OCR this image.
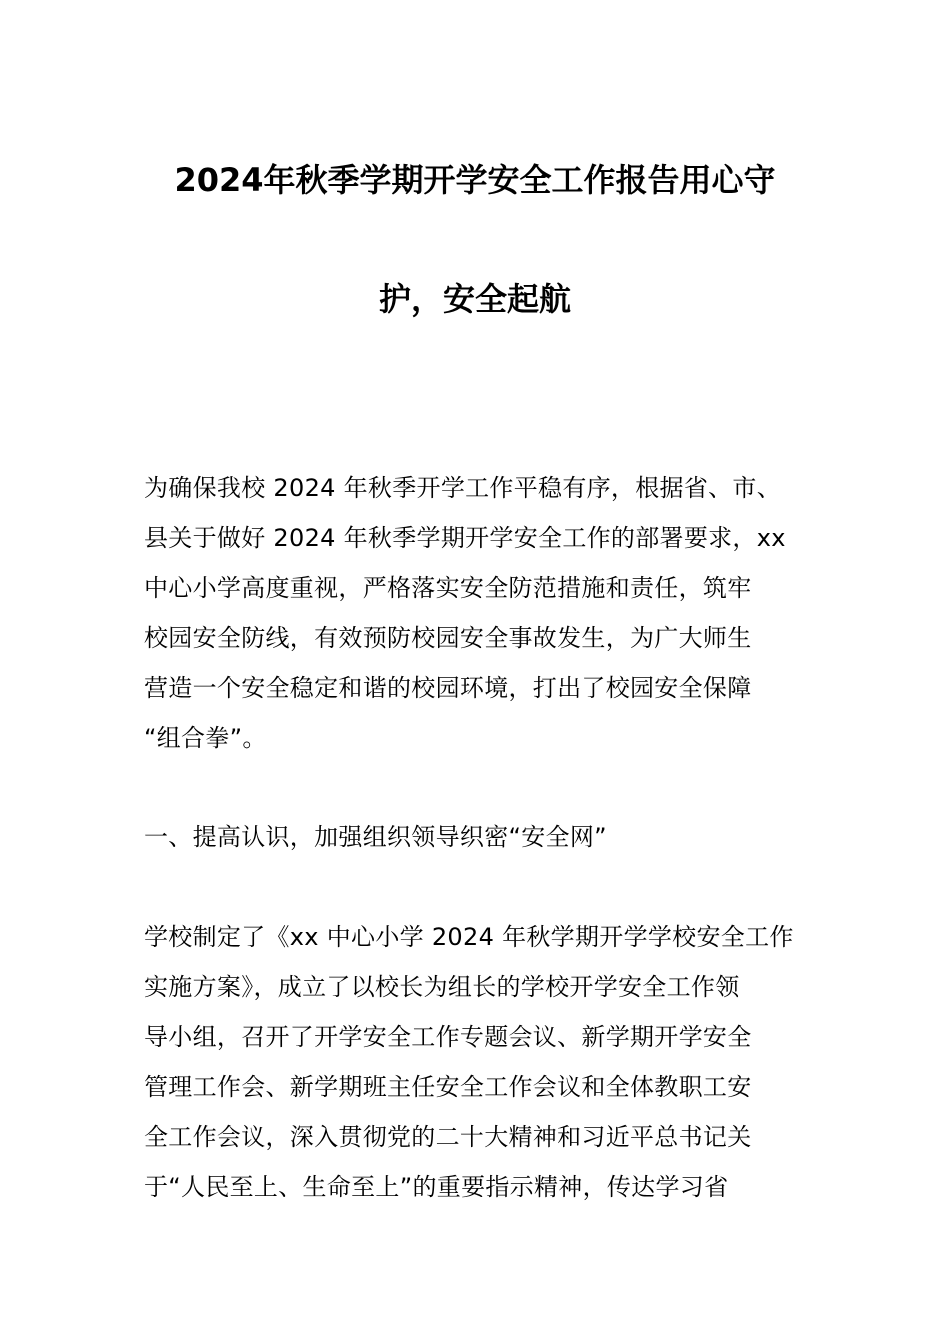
2024年秋季学期开学安全工作报告用心守
护，安全起航
为确保我校 2024 年秋季开学工作平稳有序，根据省、市、
县关于做好 2024 年秋季学期开学安全工作的部署要求，xx
中心小学高度重视，严格落实安全防范措施和责任，筑牢
校园安全防线，有效预防校园安全事故发生，为广大师生
营造一个安全稳定和谐的校园环境，打出了校园安全保障
“组合拳”。
一、提高认识，加强组织领导织密“安全网”
学校制定了《xx 中心小学 2024 年秋学期开学学校安全工作
实施方案》，成立了以校长为组长的学校开学安全工作领
导小组，召开了开学安全工作专题会议、新学期开学安全
管理工作会、新学期班主任安全工作会议和全体教职工安
全工作会议，深入贯彻党的二十大精神和习近平总书记关
于“人民至上、生命至上”的重要指示精神，传达学习省
